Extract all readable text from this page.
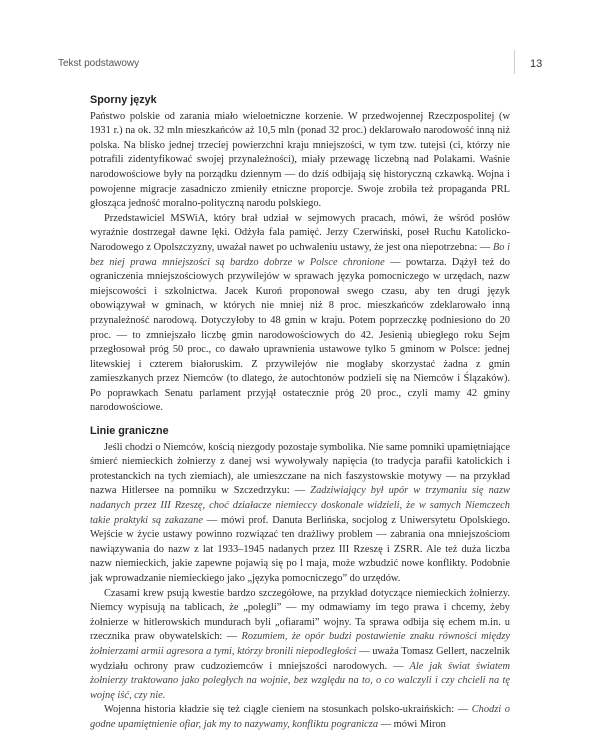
Tekst podstawowy	13
Sporny język

Państwo polskie od zarania miało wieloetniczne korzenie. W przedwojennej Rzeczpospolitej (w 1931 r.) na ok. 32 mln mieszkańców aż 10,5 mln (ponad 32 proc.) deklarowało narodowość inną niż polska. Na blisko jednej trzeciej powierzchni kraju mniejszości, w tym tzw. tutejsi (ci, którzy nie potrafili zidentyfikować swojej przynależności), miały przewagę liczebną nad Polakami. Waśnie narodowościowe były na porządku dziennym — do dziś odbijają się historyczną czkawką. Wojna i powojenne migracje zasadniczo zmieniły etniczne proporcje. Swoje zrobiła też propaganda PRL głosząca jedność moralno-polityczną narodu polskiego.

Przedstawiciel MSWiA, który brał udział w sejmowych pracach, mówi, że wśród posłów wyraźnie dostrzegał dawne lęki. Odżyła fala pamięć. Jerzy Czerwiński, poseł Ruchu Katolicko-Narodowego z Opolszczyzny, uważał nawet po uchwaleniu ustawy, że jest ona niepotrzebna: — Bo i bez niej prawa mniejszości są bardzo dobrze w Polsce chronione — powtarza. Dążył też do ograniczenia mniejszościowych przywilejów w sprawach języka pomocniczego w urzędach, nazw miejscowości i szkolnictwa. Jacek Kuroń proponował swego czasu, aby ten drugi język obowiązywał w gminach, w których nie mniej niż 8 proc. mieszkańców zdeklarowało inną przynależność narodową. Dotyczyłoby to 48 gmin w kraju. Potem poprzeczkę podniesiono do 20 proc. — to zmniejszało liczbę gmin narodowościowych do 42. Jesienią ubiegłego roku Sejm przegłosował próg 50 proc., co dawało uprawnienia ustawowe tylko 5 gminom w Polsce: jednej litewskiej i czterem białoruskim. Z przywilejów nie mogłaby skorzystać żadna z gmin zamieszkanych przez Niemców (to dlatego, że autochtonów podzieli się na Niemców i Ślązaków). Po poprawkach Senatu parlament przyjął ostatecznie próg 20 proc., czyli mamy 42 gminy narodowościowe.

Linie graniczne

Jeśli chodzi o Niemców, kością niezgody pozostaje symbolika. Nie same pomniki upamiętniające śmierć niemieckich żołnierzy z danej wsi wywoływały napięcia (to tradycja parafii katolickich i protestanckich na tych ziemiach), ale umieszczane na nich faszystowskie motywy — na przykład nazwa Hitlersee na pomniku w Szczedrzyku: — Zadziwiający był upór w trzymaniu się nazw nadanych przez III Rzeszę, choć działacze niemieccy doskonale widzieli, że w samych Niemczech takie praktyki są zakazane — mówi prof. Danuta Berlińska, socjolog z Uniwersytetu Opolskiego. Wejście w życie ustawy powinno rozwiązać ten drażliwy problem — zabrania ona mniejszościom nawiązywania do nazw z lat 1933–1945 nadanych przez III Rzeszę i ZSRR. Ale też duża liczba nazw niemieckich, jakie zapewne pojawią się po l maja, może wzbudzić nowe konflikty. Podobnie jak wprowadzanie niemieckiego jako „języka pomocniczego” do urzędów.

Czasami krew psują kwestie bardzo szczegółowe, na przykład dotyczące niemieckich żołnierzy. Niemcy wypisują na tablicach, że „polegli” — my odmawiamy im tego prawa i chcemy, żeby żołnierze w hitlerowskich mundurach byli „ofiarami” wojny. Ta sprawa odbija się echem m.in. u rzecznika praw obywatelskich: — Rozumiem, że opór budzi postawienie znaku równości między żołnierzami armii agresora a tymi, którzy bronili niepodległości — uważa Tomasz Gellert, naczelnik wydziału ochrony praw cudzoziemców i mniejszości narodowych. — Ale jak świat światem żołnierzy traktowano jako poległych na wojnie, bez względu na to, o co walczyli i czy chcieli na tę wojnę iść, czy nie.

Wojenna historia kładzie się też ciągle cieniem na stosunkach polsko-ukraińskich: — Chodzi o godne upamiętnienie ofiar, jak my to nazywamy, konfliktu pogranicza — mówi Miron
